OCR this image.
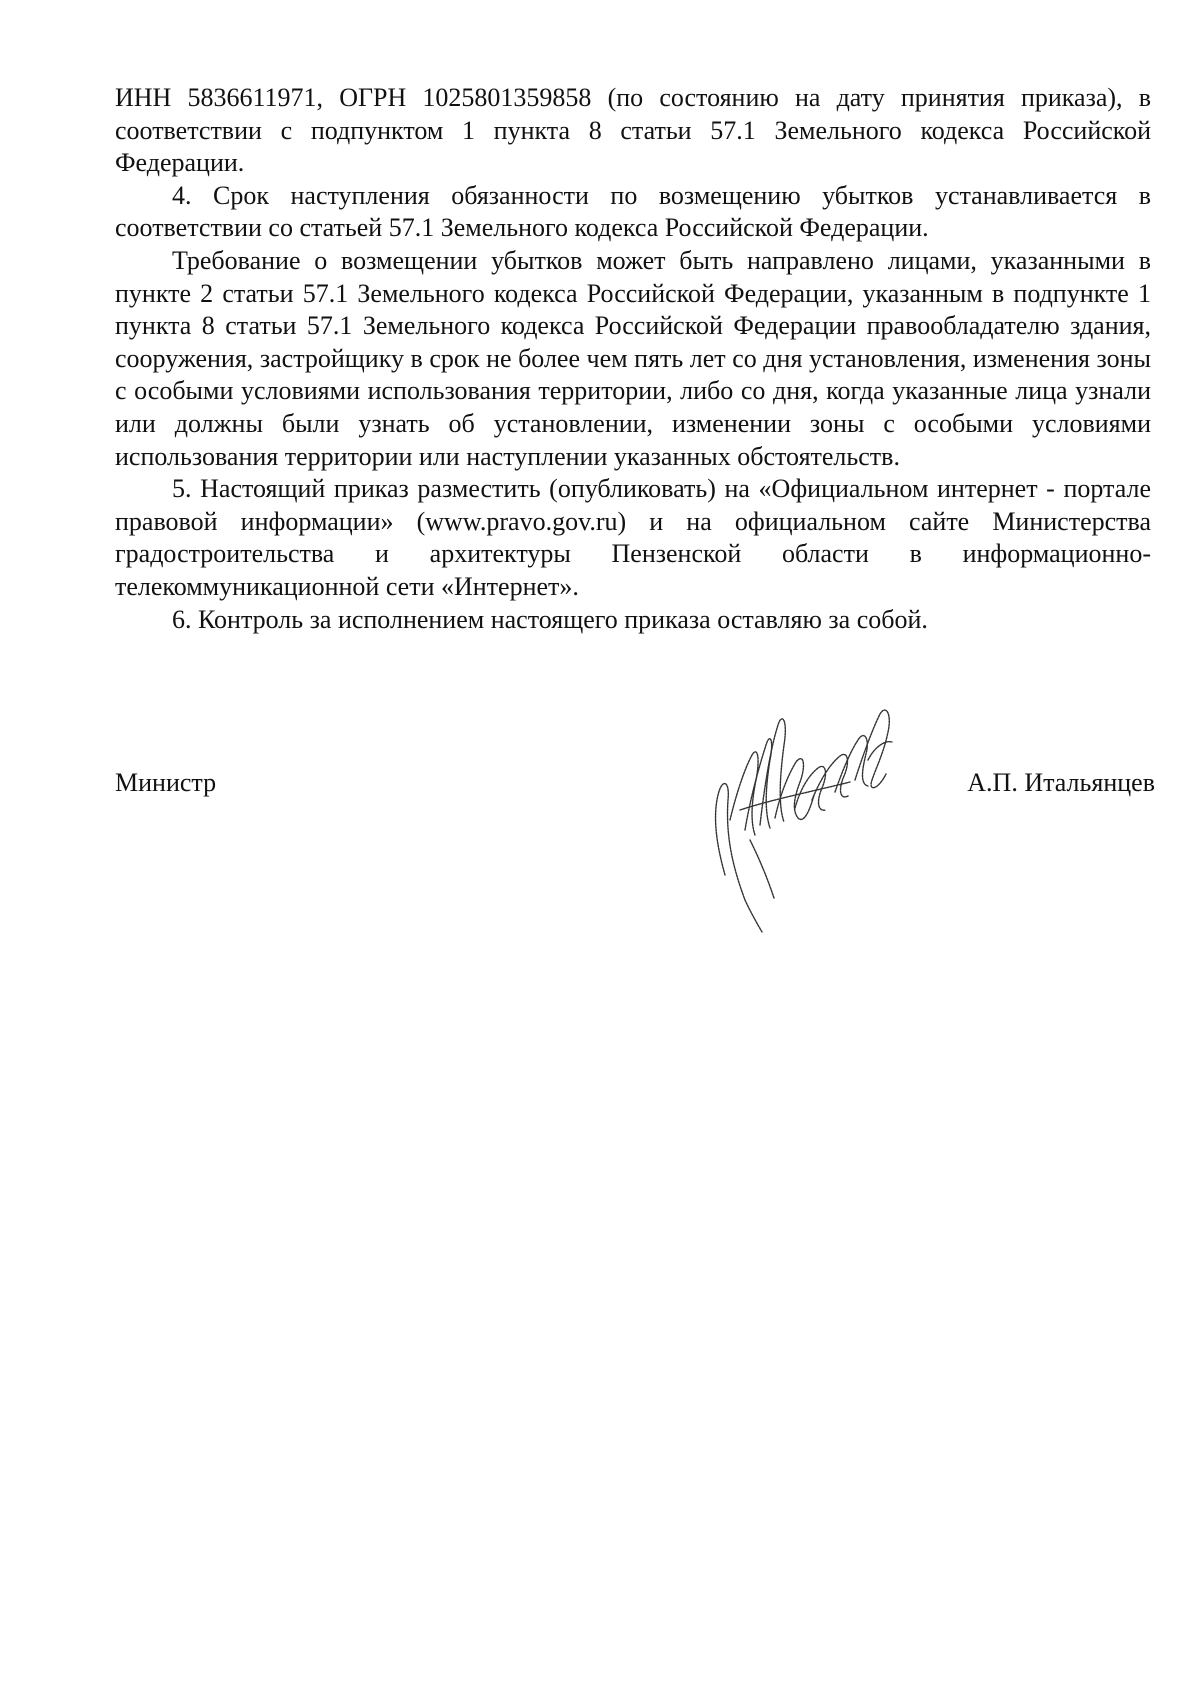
ИНН 5836611971, ОГРН 1025801359858 (по состоянию на дату принятия приказа), в соответствии с подпунктом 1 пункта 8 статьи 57.1 Земельного кодекса Российской Федерации.

4. Срок наступления обязанности по возмещению убытков устанавливается в соответствии со статьей 57.1 Земельного кодекса Российской Федерации.

Требование о возмещении убытков может быть направлено лицами, указанными в пункте 2 статьи 57.1 Земельного кодекса Российской Федерации, указанным в подпункте 1 пункта 8 статьи 57.1 Земельного кодекса Российской Федерации правообладателю здания, сооружения, застройщику в срок не более чем пять лет со дня установления, изменения зоны с особыми условиями использования территории, либо со дня, когда указанные лица узнали или должны были узнать об установлении, изменении зоны с особыми условиями использования территории или наступлении указанных обстоятельств.

5. Настоящий приказ разместить (опубликовать) на «Официальном интернет - портале правовой информации» (www.pravo.gov.ru) и на официальном сайте Министерства градостроительства и архитектуры Пензенской области в информационно-телекоммуникационной сети «Интернет».

6. Контроль за исполнением настоящего приказа оставляю за собой.

Министр	А.П. Итальянцев
